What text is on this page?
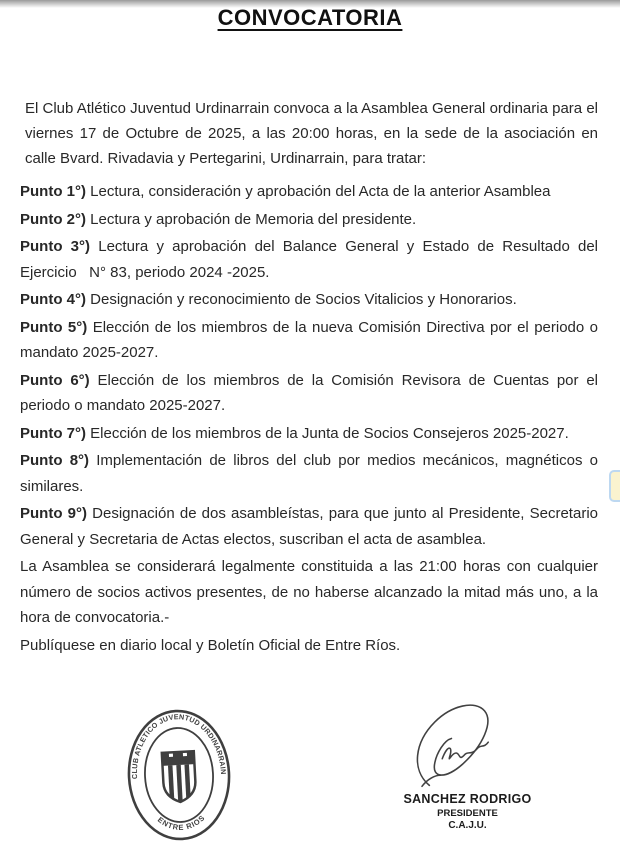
CONVOCATORIA

El Club Atlético Juventud Urdinarrain convoca a la Asamblea General ordinaria para el viernes 17 de Octubre de 2025, a las 20:00 horas, en la sede de la asociación en calle Bvard. Rivadavia y Pertegarini, Urdinarrain, para tratar:

Punto 1°) Lectura, consideración y aprobación del Acta de la anterior Asamblea

Punto 2°) Lectura y aprobación de Memoria del presidente.

Punto 3°) Lectura y aprobación del Balance General y Estado de Resultado del Ejercicio   N° 83, periodo 2024 -2025.

Punto 4°) Designación y reconocimiento de Socios Vitalicios y Honorarios.

Punto 5°) Elección de los miembros de la nueva Comisión Directiva por el periodo o mandato 2025-2027.

Punto 6°) Elección de los miembros de la Comisión Revisora de Cuentas por el periodo o mandato 2025-2027.

Punto 7°) Elección de los miembros de la Junta de Socios Consejeros 2025-2027.

Punto 8°) Implementación de libros del club por medios mecánicos, magnéticos o similares.

Punto 9°) Designación de dos asambleístas, para que junto al Presidente, Secretario General y Secretaria de Actas electos, suscriban el acta de asamblea.

La Asamblea se considerará legalmente constituida a las 21:00 horas con cualquier número de socios activos presentes, de no haberse alcanzado la mitad más uno, a la hora de convocatoria.-

Publíquese en diario local y Boletín Oficial de Entre Ríos.

CLUB ATLETICO JUVENTUD URDINARRAIN
ENTRE RIOS
SANCHEZ RODRIGO
PRESIDENTE
C.A.J.U.
